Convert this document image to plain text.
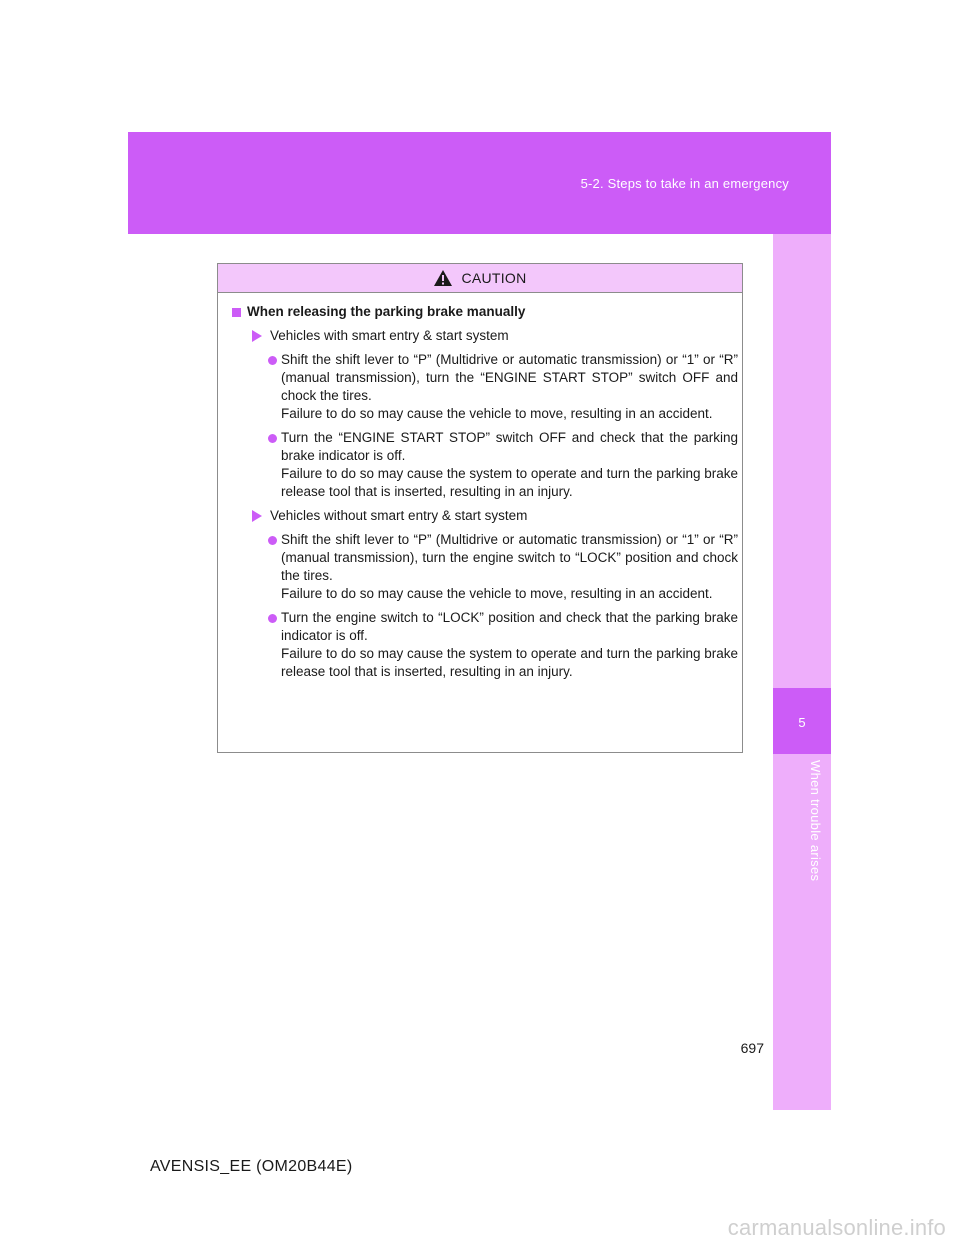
5-2. Steps to take in an emergency
5
When trouble arises
CAUTION
When releasing the parking brake manually
Vehicles with smart entry & start system

Shift the shift lever to “P” (Multidrive or automatic transmission) or “1” or “R” (manual transmission), turn the “ENGINE START STOP” switch OFF and chock the tires.

Failure to do so may cause the vehicle to move, resulting in an accident.

Turn the “ENGINE START STOP” switch OFF and check that the parking brake indicator is off.

Failure to do so may cause the system to operate and turn the parking brake release tool that is inserted, resulting in an injury.

Vehicles without smart entry & start system

Shift the shift lever to “P” (Multidrive or automatic transmission) or “1” or “R” (manual transmission), turn the engine switch to “LOCK” position and chock the tires.

Failure to do so may cause the vehicle to move, resulting in an accident.

Turn the engine switch to “LOCK” position and check that the parking brake indicator is off.

Failure to do so may cause the system to operate and turn the parking brake release tool that is inserted, resulting in an injury.

697
AVENSIS_EE (OM20B44E)
carmanualsonline.info
